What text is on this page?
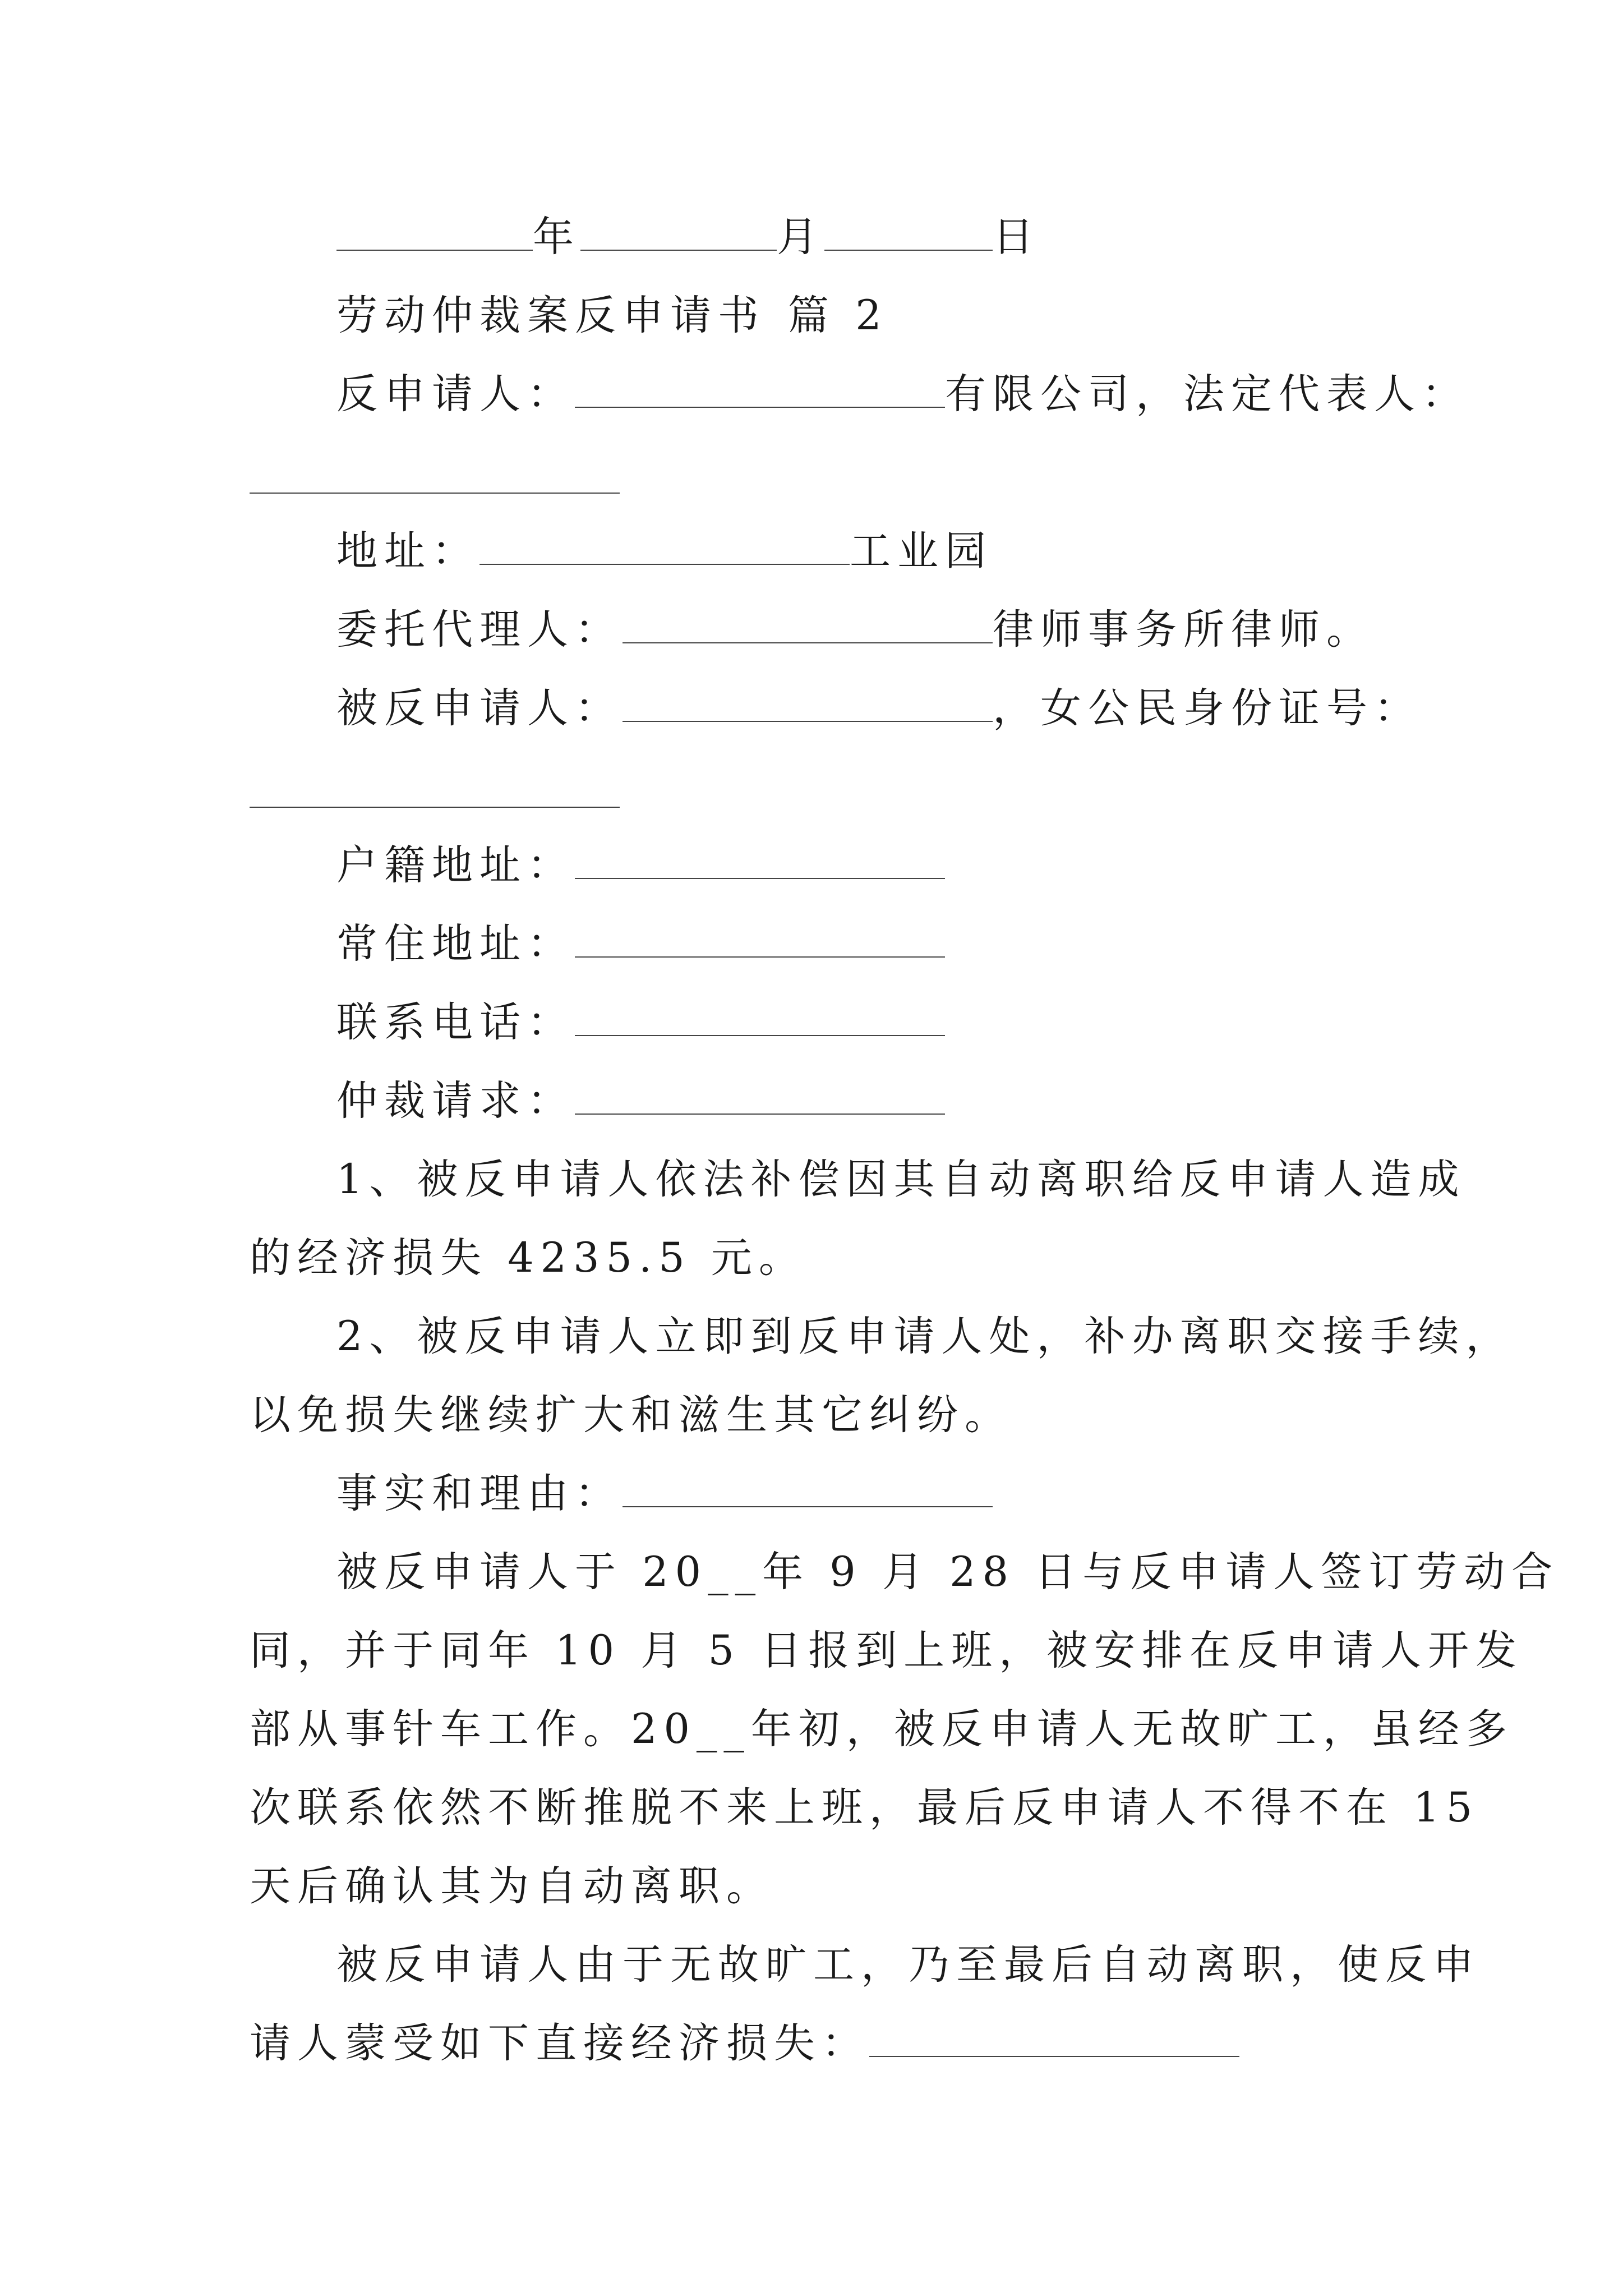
年	月	日
劳动仲裁案反申请书 篇 2
反申请人：	有限公司，法定代表人：
地址：	工业园
委托代理人：	律师事务所律师。
被反申请人：	，女公民身份证号：
户籍地址：
常住地址：
联系电话：
仲裁请求：
1、被反申请人依法补偿因其自动离职给反申请人造成
的经济损失 4235.5 元。
2、被反申请人立即到反申请人处，补办离职交接手续，
以免损失继续扩大和滋生其它纠纷。
事实和理由：
被反申请人于 20__年 9 月 28 日与反申请人签订劳动合
同，并于同年 10 月 5 日报到上班，被安排在反申请人开发
部从事针车工作。20__年初，被反申请人无故旷工，虽经多
次联系依然不断推脱不来上班，最后反申请人不得不在 15
天后确认其为自动离职。
被反申请人由于无故旷工，乃至最后自动离职，使反申
请人蒙受如下直接经济损失：
